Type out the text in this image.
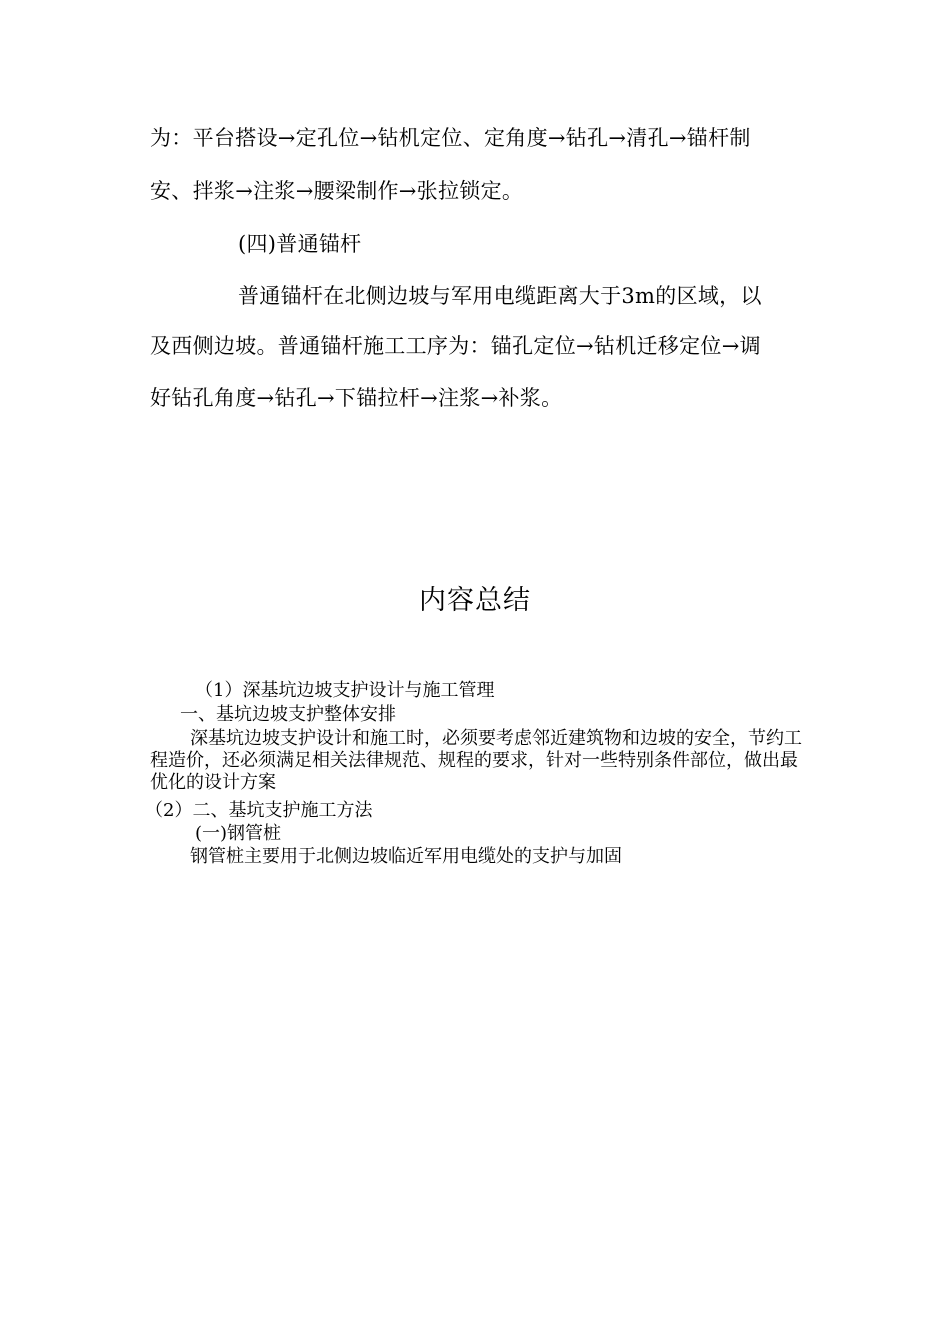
为：平台搭设→定孔位→钻机定位、定角度→钻孔→清孔→锚杆制
安、拌浆→注浆→腰梁制作→张拉锁定。
(四)普通锚杆
普通锚杆在北侧边坡与军用电缆距离大于3m的区域，以
及西侧边坡。普通锚杆施工工序为：锚孔定位→钻机迁移定位→调
好钻孔角度→钻孔→下锚拉杆→注浆→补浆。
内容总结
（1）深基坑边坡支护设计与施工管理
一、基坑边坡支护整体安排
深基坑边坡支护设计和施工时，必须要考虑邻近建筑物和边坡的安全，节约工程造价，还必须满足相关法律规范、规程的要求，针对一些特别条件部位，做出最优化的设计方案
（2）二、基坑支护施工方法
(一)钢管桩
钢管桩主要用于北侧边坡临近军用电缆处的支护与加固
